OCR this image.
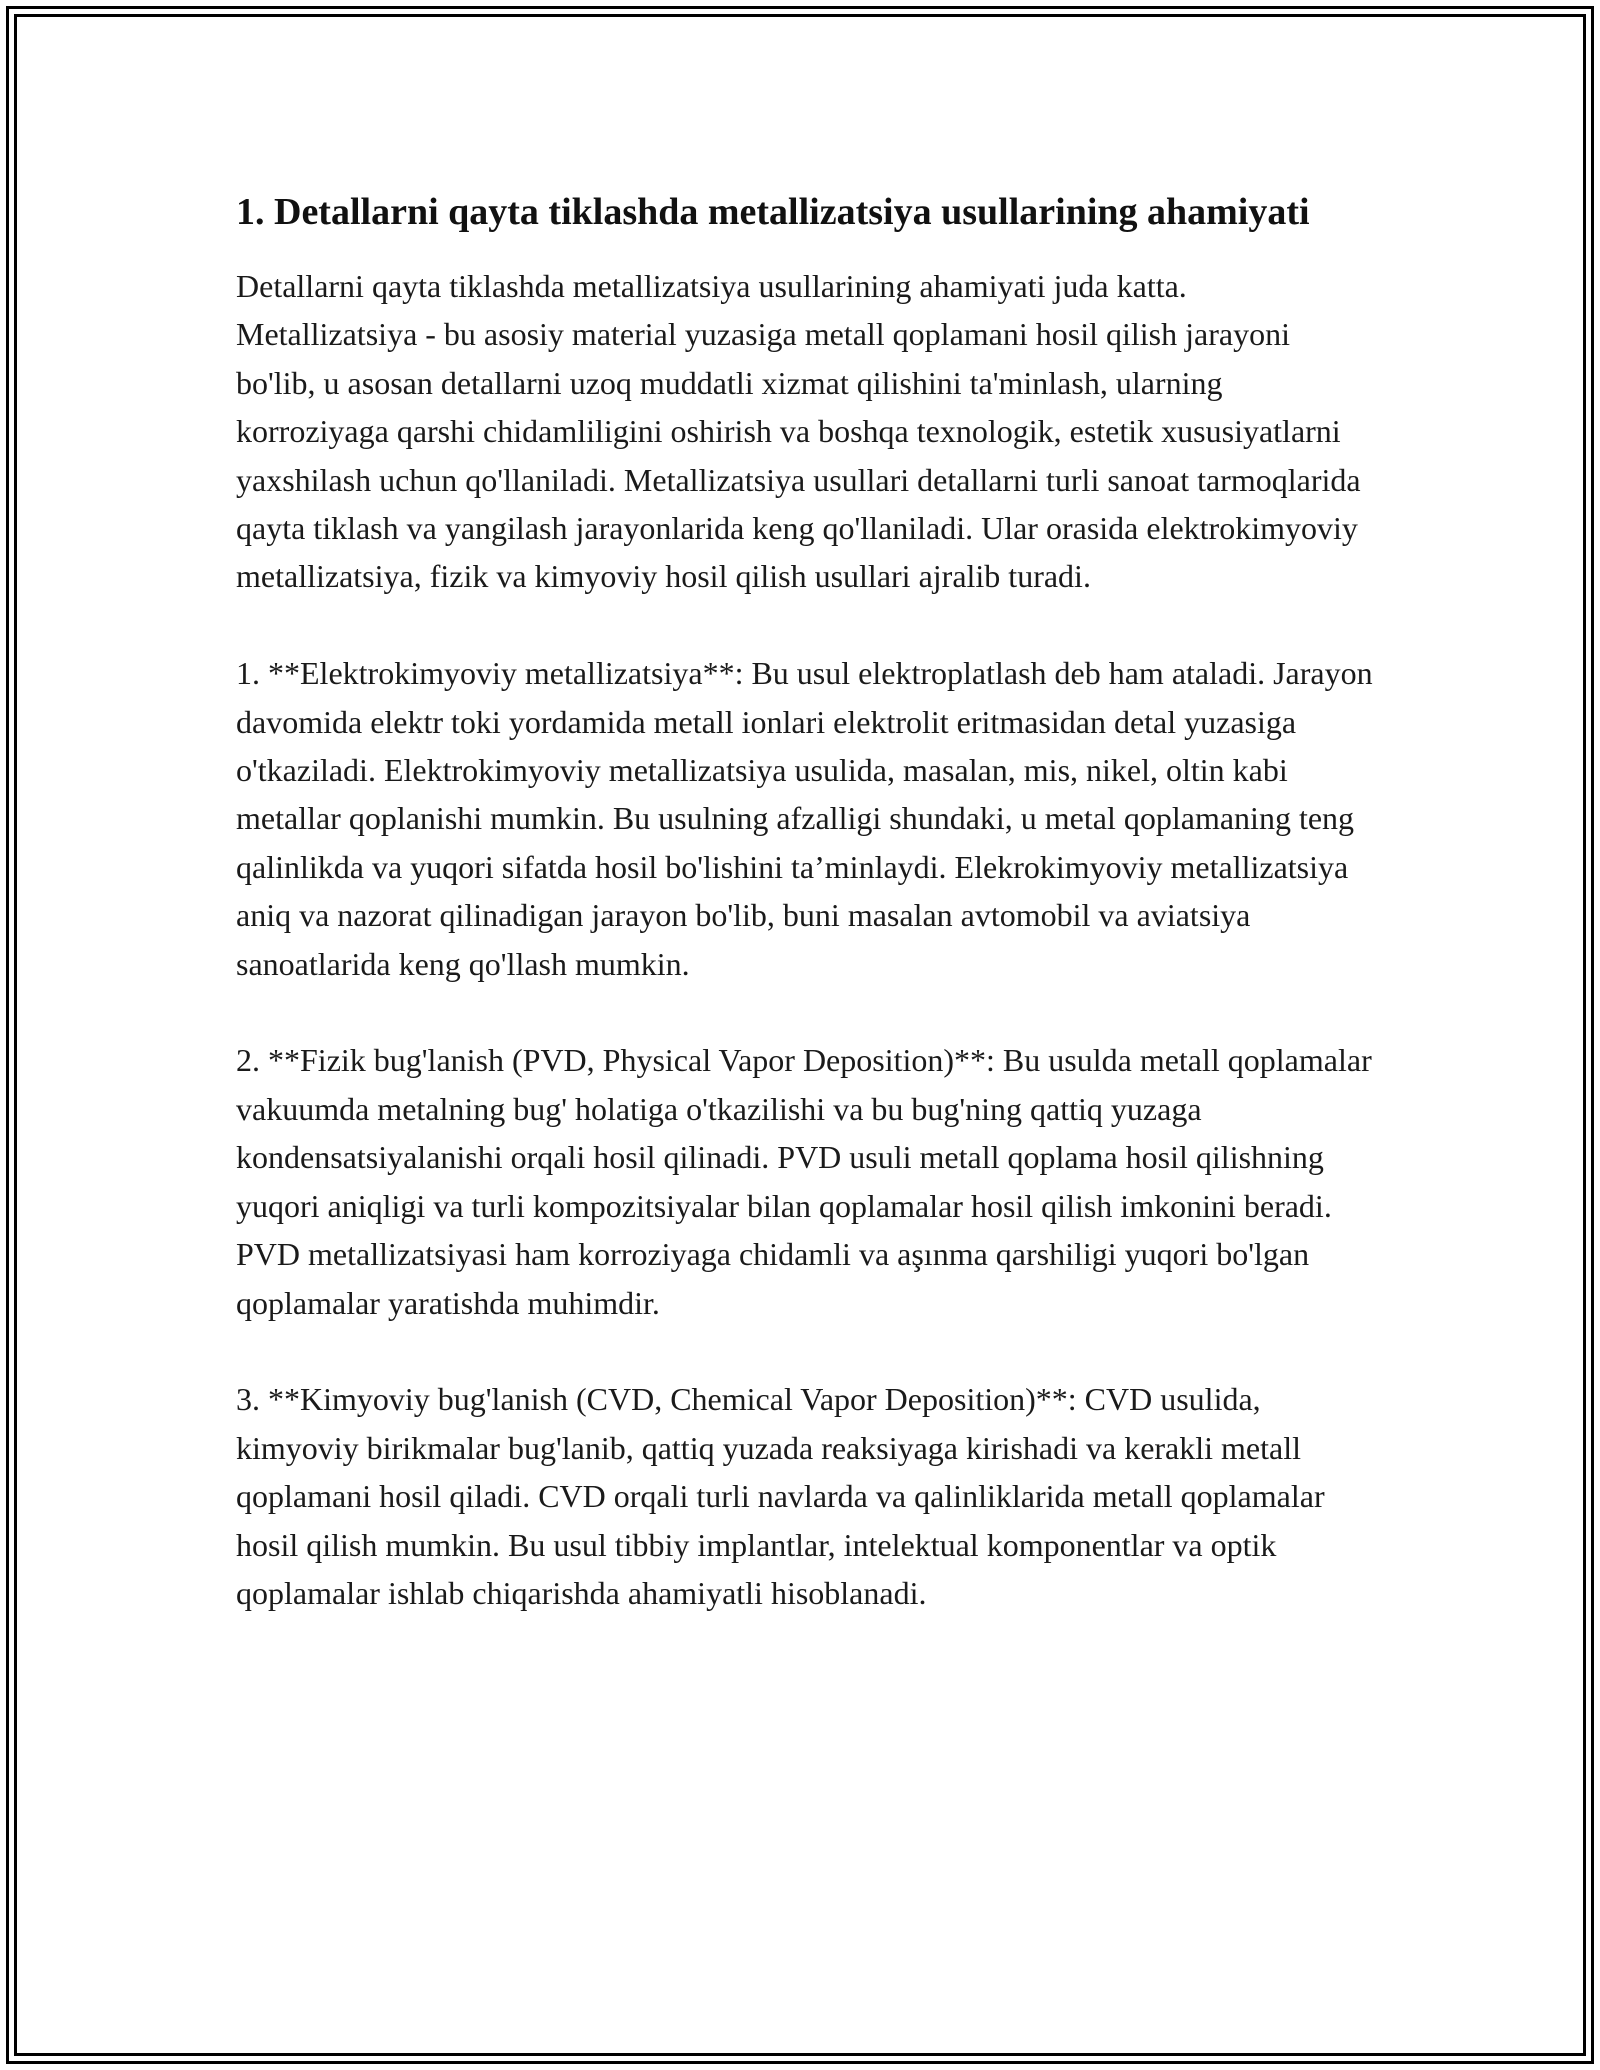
1. Detallarni qayta tiklashda metallizatsiya usullarining ahamiyati

Detallarni qayta tiklashda metallizatsiya usullarining ahamiyati juda katta. Metallizatsiya - bu asosiy material yuzasiga metall qoplamani hosil qilish jarayoni bo'lib, u asosan detallarni uzoq muddatli xizmat qilishini ta'minlash, ularning korroziyaga qarshi chidamliligini oshirish va boshqa texnologik, estetik xususiyatlarni yaxshilash uchun qo'llaniladi. Metallizatsiya usullari detallarni turli sanoat tarmoqlarida qayta tiklash va yangilash jarayonlarida keng qo'llaniladi. Ular orasida elektrokimyoviy metallizatsiya, fizik va kimyoviy hosil qilish usullari ajralib turadi.

1. **Elektrokimyoviy metallizatsiya**: Bu usul elektroplatlash deb ham ataladi. Jarayon davomida elektr toki yordamida metall ionlari elektrolit eritmasidan detal yuzasiga o'tkaziladi. Elektrokimyoviy metallizatsiya usulida, masalan, mis, nikel, oltin kabi metallar qoplanishi mumkin. Bu usulning afzalligi shundaki, u metal qoplamaning teng qalinlikda va yuqori sifatda hosil bo'lishini ta’minlaydi. Elekrokimyoviy metallizatsiya aniq va nazorat qilinadigan jarayon bo'lib, buni masalan avtomobil va aviatsiya sanoatlarida keng qo'llash mumkin.

2. **Fizik bug'lanish (PVD, Physical Vapor Deposition)**: Bu usulda metall qoplamalar vakuumda metalning bug' holatiga o'tkazilishi va bu bug'ning qattiq yuzaga kondensatsiyalanishi orqali hosil qilinadi. PVD usuli metall qoplama hosil qilishning yuqori aniqligi va turli kompozitsiyalar bilan qoplamalar hosil qilish imkonini beradi. PVD metallizatsiyasi ham korroziyaga chidamli va aşınma qarshiligi yuqori bo'lgan qoplamalar yaratishda muhimdir.

3. **Kimyoviy bug'lanish (CVD, Chemical Vapor Deposition)**: CVD usulida, kimyoviy birikmalar bug'lanib, qattiq yuzada reaksiyaga kirishadi va kerakli metall qoplamani hosil qiladi. CVD orqali turli navlarda va qalinliklarida metall qoplamalar hosil qilish mumkin. Bu usul tibbiy implantlar, intelektual komponentlar va optik qoplamalar ishlab chiqarishda ahamiyatli hisoblanadi.
